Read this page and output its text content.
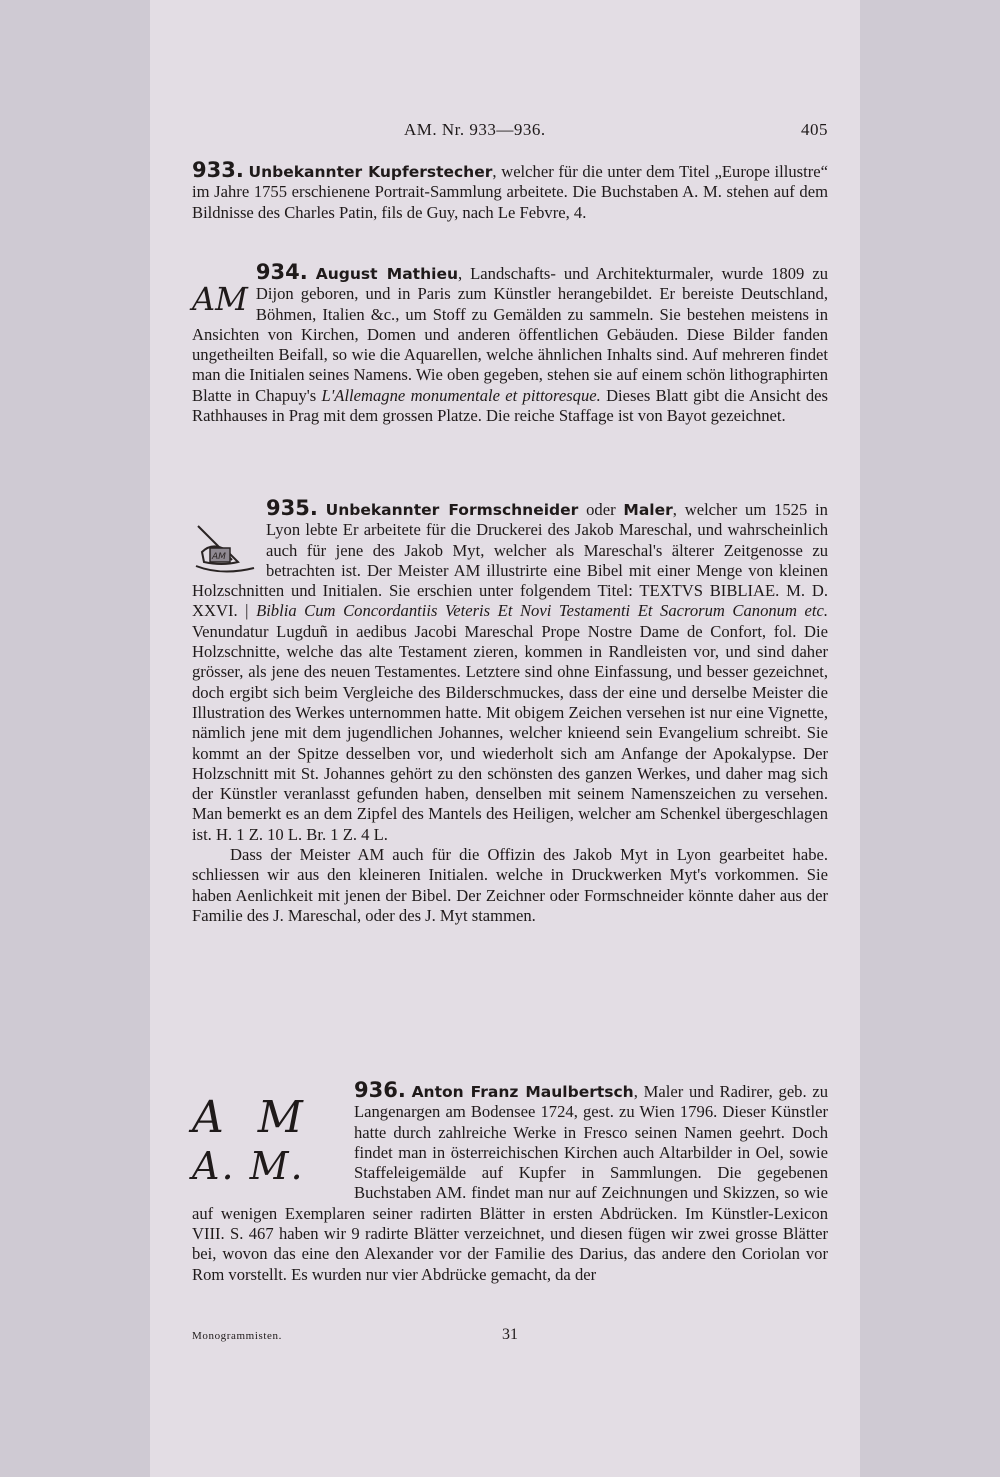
AM. Nr. 933—936.	405

933. Unbekannter Kupferstecher, welcher für die unter dem Titel „Europe illustre“ im Jahre 1755 erschienene Portrait-Sammlung arbeitete. Die Buchstaben A. M. stehen auf dem Bildnisse des Charles Patin, fils de Guy, nach Le Febvre, 4.

AM
934. August Mathieu, Landschafts- und Architekturmaler, wurde 1809 zu Dijon geboren, und in Paris zum Künstler herangebildet. Er bereiste Deutschland, Böhmen, Italien &c., um Stoff zu Gemälden zu sammeln. Sie bestehen meistens in Ansichten von Kirchen, Domen und anderen öffentlichen Gebäuden. Diese Bilder fanden ungetheilten Beifall, so wie die Aquarellen, welche ähnlichen Inhalts sind. Auf mehreren findet man die Initialen seines Namens. Wie oben gegeben, stehen sie auf einem schön lithographirten Blatte in Chapuy's L'Allemagne monumentale et pittoresque. Dieses Blatt gibt die Ansicht des Rathhauses in Prag mit dem grossen Platze. Die reiche Staffage ist von Bayot gezeichnet.

AM
935. Unbekannter Formschneider oder Maler, welcher um 1525 in Lyon lebte Er arbeitete für die Druckerei des Jakob Mareschal, und wahrscheinlich auch für jene des Jakob Myt, welcher als Mareschal's älterer Zeitgenosse zu betrachten ist. Der Meister AM illustrirte eine Bibel mit einer Menge von kleinen Holzschnitten und Initialen. Sie erschien unter folgendem Titel: TEXTVS BIBLIAE. M. D. XXVI. | Biblia Cum Concordantiis Veteris Et Novi Testamenti Et Sacrorum Canonum etc. Venundatur Lugduñ in aedibus Jacobi Mareschal Prope Nostre Dame de Confort, fol. Die Holzschnitte, welche das alte Testament zieren, kommen in Randleisten vor, und sind daher grösser, als jene des neuen Testamentes. Letztere sind ohne Einfassung, und besser gezeichnet, doch ergibt sich beim Vergleiche des Bilderschmuckes, dass der eine und derselbe Meister die Illustration des Werkes unternommen hatte. Mit obigem Zeichen versehen ist nur eine Vignette, nämlich jene mit dem jugendlichen Johannes, welcher knieend sein Evangelium schreibt. Sie kommt an der Spitze desselben vor, und wiederholt sich am Anfange der Apokalypse. Der Holzschnitt mit St. Johannes gehört zu den schönsten des ganzen Werkes, und daher mag sich der Künstler veranlasst gefunden haben, denselben mit seinem Namenszeichen zu versehen. Man bemerkt es an dem Zipfel des Mantels des Heiligen, welcher am Schenkel übergeschlagen ist. H. 1 Z. 10 L. Br. 1 Z. 4 L.

Dass der Meister AM auch für die Offizin des Jakob Myt in Lyon gearbeitet habe. schliessen wir aus den kleineren Initialen. welche in Druckwerken Myt's vorkommen. Sie haben Aenlichkeit mit jenen der Bibel. Der Zeichner oder Formschneider könnte daher aus der Familie des J. Mareschal, oder des J. Myt stammen.

A M
A. M.
936. Anton Franz Maulbertsch, Maler und Radirer, geb. zu Langenargen am Bodensee 1724, gest. zu Wien 1796. Dieser Künstler hatte durch zahlreiche Werke in Fresco seinen Namen geehrt. Doch findet man in österreichischen Kirchen auch Altarbilder in Oel, sowie Staffeleigemälde auf Kupfer in Sammlungen. Die gegebenen Buchstaben AM. findet man nur auf Zeichnungen und Skizzen, so wie auf wenigen Exemplaren seiner radirten Blätter in ersten Abdrücken. Im Künstler-Lexicon VIII. S. 467 haben wir 9 radirte Blätter verzeichnet, und diesen fügen wir zwei grosse Blätter bei, wovon das eine den Alexander vor der Familie des Darius, das andere den Coriolan vor Rom vorstellt. Es wurden nur vier Abdrücke gemacht, da der

Monogrammisten.	31
